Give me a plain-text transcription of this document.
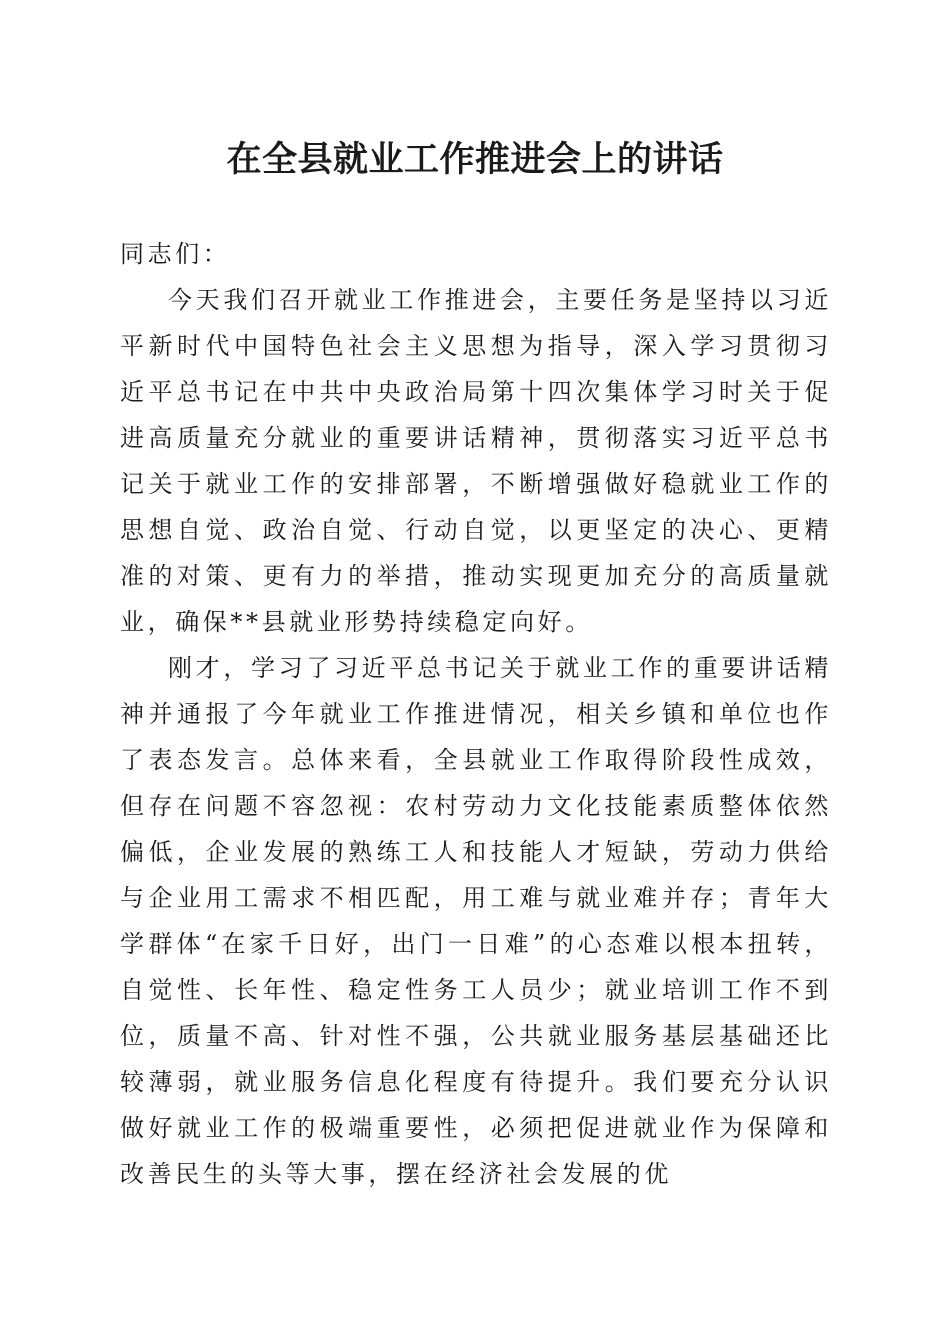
在全县就业工作推进会上的讲话

同志们：

今天我们召开就业工作推进会，主要任务是坚持以习近平新时代中国特色社会主义思想为指导，深入学习贯彻习近平总书记在中共中央政治局第十四次集体学习时关于促进高质量充分就业的重要讲话精神，贯彻落实习近平总书记关于就业工作的安排部署，不断增强做好稳就业工作的思想自觉、政治自觉、行动自觉，以更坚定的决心、更精准的对策、更有力的举措，推动实现更加充分的高质量就业，确保**县就业形势持续稳定向好。

刚才，学习了习近平总书记关于就业工作的重要讲话精神并通报了今年就业工作推进情况，相关乡镇和单位也作了表态发言。总体来看，全县就业工作取得阶段性成效，但存在问题不容忽视：农村劳动力文化技能素质整体依然偏低，企业发展的熟练工人和技能人才短缺，劳动力供给与企业用工需求不相匹配，用工难与就业难并存；青年大学群体“在家千日好，出门一日难”的心态难以根本扭转，自觉性、长年性、稳定性务工人员少；就业培训工作不到位，质量不高、针对性不强，公共就业服务基层基础还比较薄弱，就业服务信息化程度有待提升。我们要充分认识做好就业工作的极端重要性，必须把促进就业作为保障和改善民生的头等大事，摆在经济社会发展的优
